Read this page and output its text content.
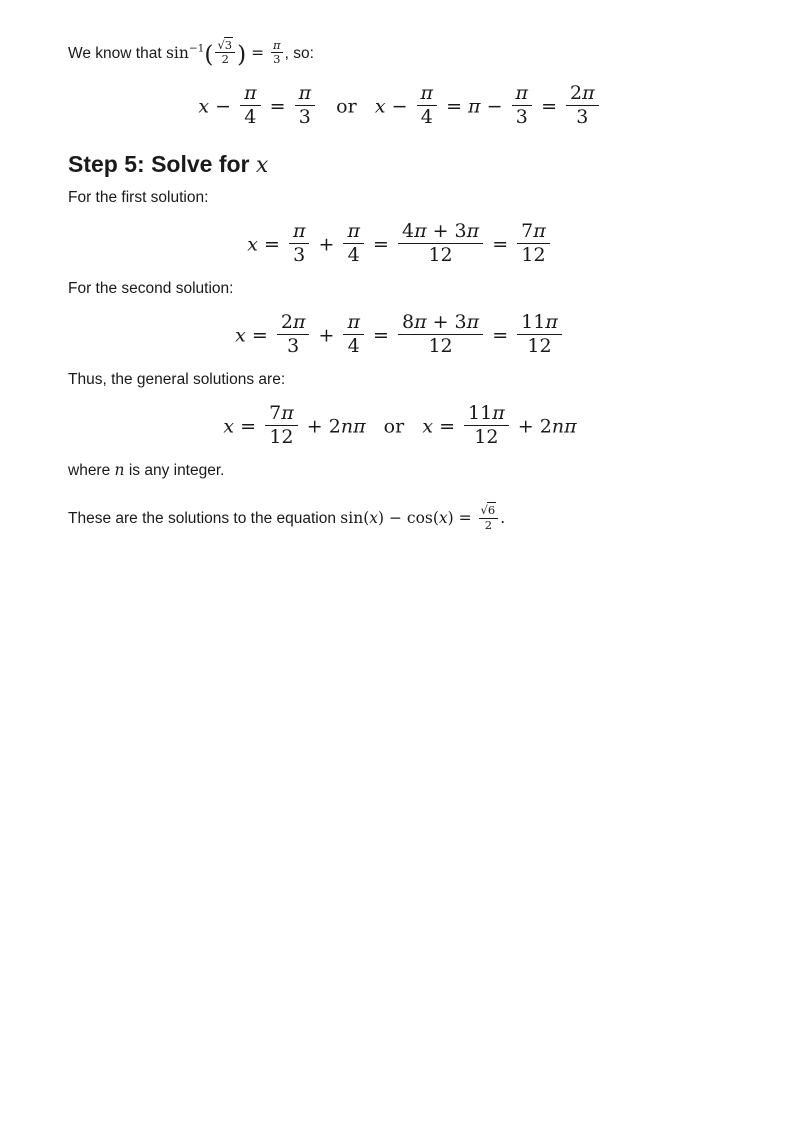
We know that $\sin^{-1}( \frac{√3}{2}$ ) = $\frac{\pi}{3}$ , so:

$x - \frac{\pi}{4} = \frac{\pi}{3}$ or   $x - \frac{\pi}{4} = \pi - \frac{\pi}{3} = \frac{2\pi}{3}$
Step 5: Solve for x

For the first solution:

$x = \frac{\pi}{3} + \frac{\pi}{4} = \frac{4\pi + 3\pi}{12} = \frac{7\pi}{12}$

For the second solution:

$x = \frac{2\pi}{3} + \frac{\pi}{4} = \frac{8\pi + 3\pi}{12} = \frac{11\pi}{12}$

Thus, the general solutions are:

$x = \frac{7\pi}{12} + 2n\pi$   or   $x = \frac{11\pi}{12} + 2n\pi$

where n is any integer.

These are the solutions to the equation $\sin(x) - \cos(x) = \frac{√6}{2}$ .
